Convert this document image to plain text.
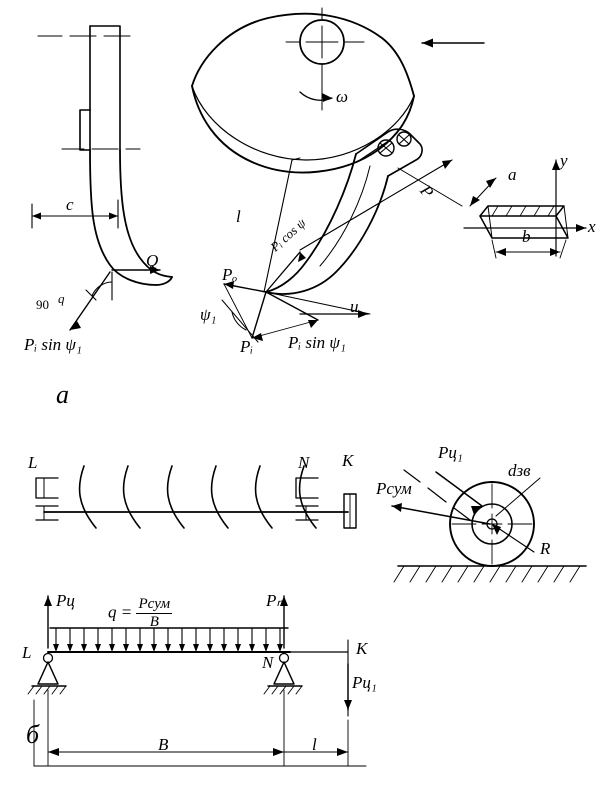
c
Q
90 q
Pᵢ sin ψ₁
ω
l Pᵢ cos ψ
Pₒ
ψ₁
Pᵢ Pᵢ sin ψ₁
u
P
a
b
x
y
а
б
L	N K
Pц	Pₙ
L
N
K
Pц₁
$q = \frac{\text{Pсум}}{B}$
B	l
Pц₁
Pсум
dзв
R
